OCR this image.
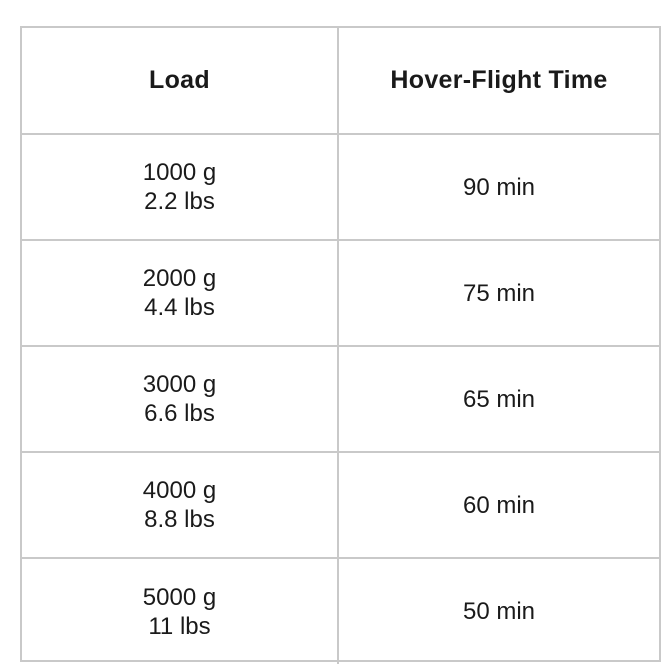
Load	Hover-Flight Time

1000 g
2.2 lbs	90 min

2000 g
4.4 lbs	75 min

3000 g
6.6 lbs	65 min

4000 g
8.8 lbs	60 min

5000 g
11 lbs	50 min
